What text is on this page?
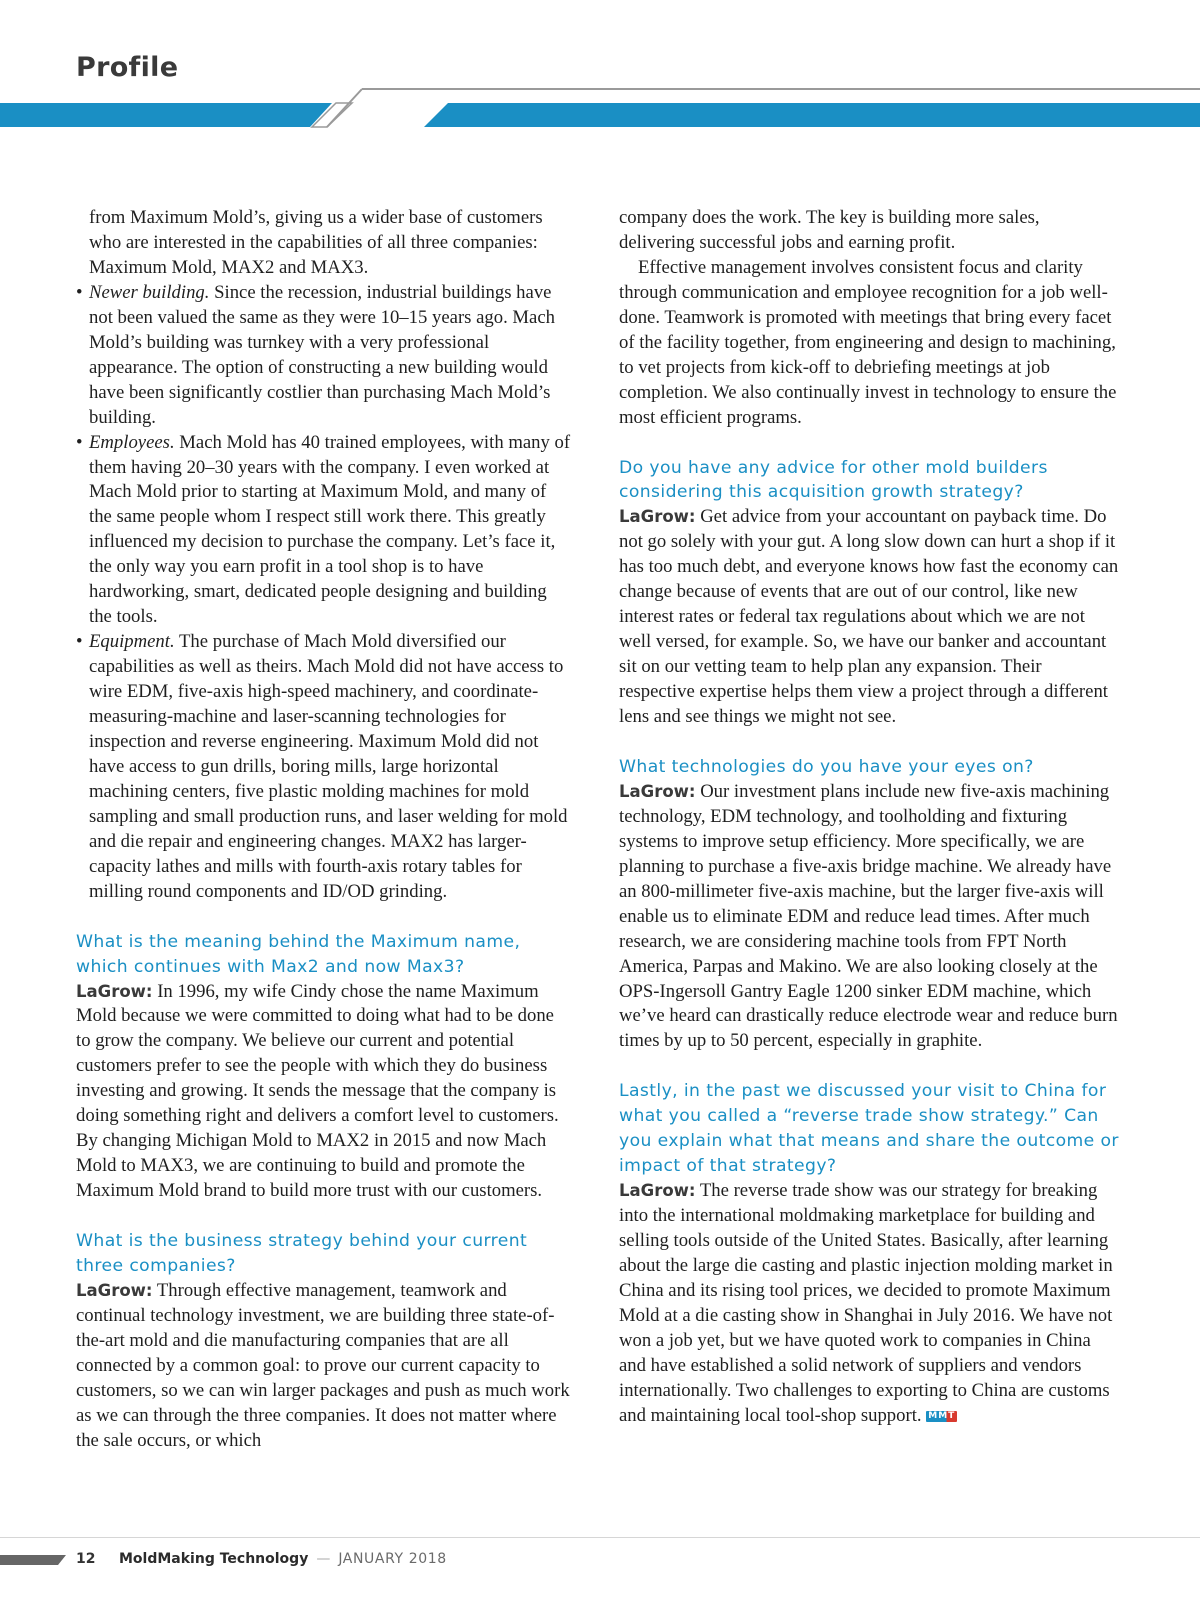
Profile

from Maximum Mold’s, giving us a wider base of customers who are interested in the capabilities of all three companies: Maximum Mold, MAX2 and MAX3.

• Newer building. Since the recession, industrial buildings have not been valued the same as they were 10–15 years ago. Mach Mold’s building was turnkey with a very professional appearance. The option of constructing a new building would have been significantly costlier than purchasing Mach Mold’s building.
• Employees. Mach Mold has 40 trained employees, with many of them having 20–30 years with the company. I even worked at Mach Mold prior to starting at Maximum Mold, and many of the same people whom I respect still work there. This greatly influenced my decision to purchase the company. Let’s face it, the only way you earn profit in a tool shop is to have hardworking, smart, dedicated people designing and building the tools.
• Equipment. The purchase of Mach Mold diversified our capabilities as well as theirs. Mach Mold did not have access to wire EDM, five-axis high-speed machinery, and coordinate-measuring-machine and laser-scanning technologies for inspection and reverse engineering. Maximum Mold did not have access to gun drills, boring mills, large horizontal machining centers, five plastic molding machines for mold sampling and small production runs, and laser welding for mold and die repair and engineering changes. MAX2 has larger-capacity lathes and mills with fourth-axis rotary tables for milling round components and ID/OD grinding.

What is the meaning behind the Maximum name, which continues with Max2 and now Max3?

LaGrow: In 1996, my wife Cindy chose the name Maximum Mold because we were committed to doing what had to be done to grow the company. We believe our current and potential customers prefer to see the people with which they do business investing and growing. It sends the message that the company is doing something right and delivers a comfort level to customers. By changing Michigan Mold to MAX2 in 2015 and now Mach Mold to MAX3, we are continuing to build and promote the Maximum Mold brand to build more trust with our customers.

What is the business strategy behind your current three companies?

LaGrow: Through effective management, teamwork and continual technology investment, we are building three state-of-the-art mold and die manufacturing companies that are all connected by a common goal: to prove our current capacity to customers, so we can win larger packages and push as much work as we can through the three companies. It does not matter where the sale occurs, or which

company does the work. The key is building more sales, delivering successful jobs and earning profit.

Effective management involves consistent focus and clarity through communication and employee recognition for a job well-done. Teamwork is promoted with meetings that bring every facet of the facility together, from engineering and design to machining, to vet projects from kick-off to debriefing meetings at job completion. We also continually invest in technology to ensure the most efficient programs.

Do you have any advice for other mold builders considering this acquisition growth strategy?

LaGrow: Get advice from your accountant on payback time. Do not go solely with your gut. A long slow down can hurt a shop if it has too much debt, and everyone knows how fast the economy can change because of events that are out of our control, like new interest rates or federal tax regulations about which we are not well versed, for example. So, we have our banker and accountant sit on our vetting team to help plan any expansion. Their respective expertise helps them view a project through a different lens and see things we might not see.

What technologies do you have your eyes on?

LaGrow: Our investment plans include new five-axis machining technology, EDM technology, and toolholding and fixturing systems to improve setup efficiency. More specifically, we are planning to purchase a five-axis bridge machine. We already have an 800-millimeter five-axis machine, but the larger five-axis will enable us to eliminate EDM and reduce lead times. After much research, we are considering machine tools from FPT North America, Parpas and Makino. We are also looking closely at the OPS-Ingersoll Gantry Eagle 1200 sinker EDM machine, which we’ve heard can drastically reduce electrode wear and reduce burn times by up to 50 percent, especially in graphite.

Lastly, in the past we discussed your visit to China for what you called a “reverse trade show strategy.” Can you explain what that means and share the outcome or impact of that strategy?

LaGrow: The reverse trade show was our strategy for breaking into the international moldmaking marketplace for building and selling tools outside of the United States. Basically, after learning about the large die casting and plastic injection molding market in China and its rising tool prices, we decided to promote Maximum Mold at a die casting show in Shanghai in July 2016. We have not won a job yet, but we have quoted work to companies in China and have established a solid network of suppliers and vendors internationally. Two challenges to exporting to China are customs and maintaining local tool-shop support. MMT

12 MoldMaking Technology — JANUARY 2018
